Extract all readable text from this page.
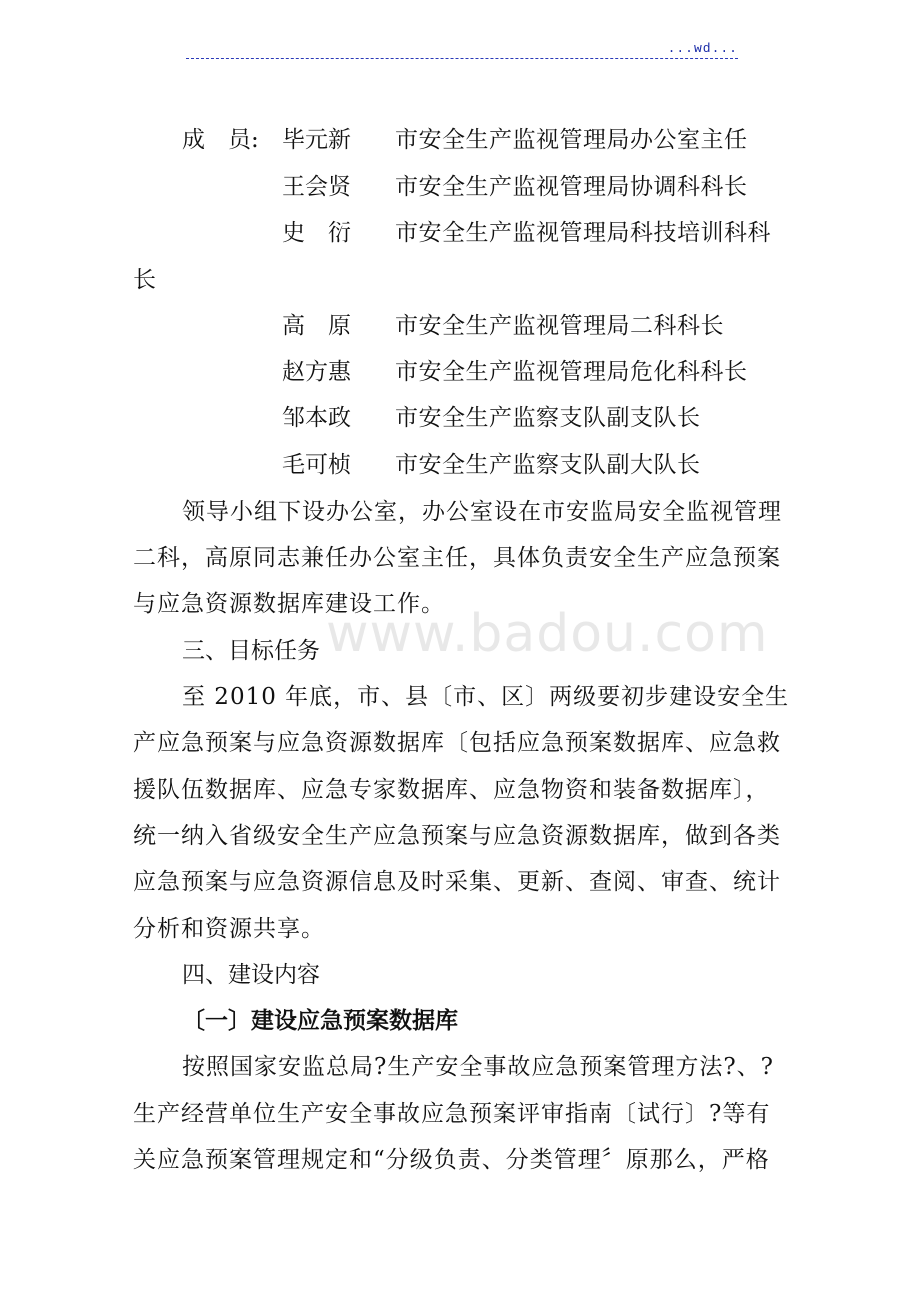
...wd...
www.badou.com
成　员: 毕元新 市安全生产监视管理局办公室主任
王会贤 市安全生产监视管理局协调科科长
史　衍 市安全生产监视管理局科技培训科科
长
高　原 市安全生产监视管理局二科科长
赵方惠 市安全生产监视管理局危化科科长
邹本政 市安全生产监察支队副支队长
毛可桢 市安全生产监察支队副大队长
领导小组下设办公室，办公室设在市安监局安全监视管理
二科，高原同志兼任办公室主任，具体负责安全生产应急预案
与应急资源数据库建设工作。
三、目标任务
至 2010 年底，市、县〔市、区〕两级要初步建设安全生
产应急预案与应急资源数据库〔包括应急预案数据库、应急救
援队伍数据库、应急专家数据库、应急物资和装备数据库〕，
统一纳入省级安全生产应急预案与应急资源数据库，做到各类
应急预案与应急资源信息及时采集、更新、查阅、审查、统计
分析和资源共享。
四、建设内容
〔一〕建设应急预案数据库
按照国家安监总局?生产安全事故应急预案管理方法?、?
生产经营单位生产安全事故应急预案评审指南〔试行〕?等有
关应急预案管理规定和“分级负责、分类管理〞原那么，严格
